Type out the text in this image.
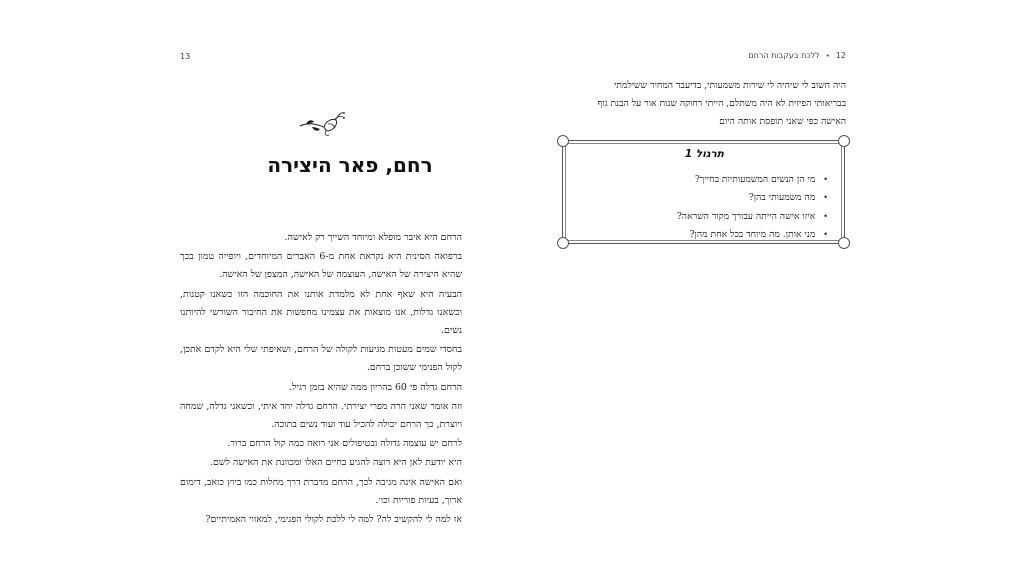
13
רחם, פאר היצירה

הרחם היא איבר מופלא ומיוחד השייך רק לאישה.

ברפואה הסינית היא נקראת אחת מ-6 האברים המיוחדים, ויופייה טמון בכך שהיא היצירה של האישה, העוצמה של האישה, המצפן של האישה.

הבעיה היא שאף אחת לא מלמדת אותנו את החוכמה הזו כשאנו קטנות, וכשאנו גדלות, אנו מוצאות את עצמינו מחפשות את החיבור השורשי להיותנו נשים.

בחסדי שמים מעטות מגיעות לקולה של הרחם, ושאיפתי שלי היא לקדם אתכן, לקול הפנימי ששוכן ברחם.

הרחם גדלה פי 60 בהריון ממה שהיא בזמן רגיל.

וזה אומר שאני הרה מפרי יצירתי. הרחם גדלה יחד איתי, וכשאני גדלה, שמחה ויוצרת, כך הרחם יכולה להכיל עוד ועוד נשים בתוכה.

לרחם יש עוצמה גדולה ובטיפולים אני רואה כמה קול הרחם ברור.

היא יודעת לאן היא רוצה להגיע בחיים האלו ומכוונת את האישה לשם.

ואם האישה אינה מגיבה לכך, הרחם מדברת דרך מחלות כמו ביוץ כואב, דימום ארוך, בעיות פוריות וכו׳.

אז למה לי להקשיב לה? למה לי ללכת לקולי הפנימי, למאווי האמיתיים?

12
•
ללכת בעקבות הרחם

היה חשוב לי שיהיה לי שירות משמעותי, בדיעבד המחיר ששילמתי

בבריאותי הפיזית לא היה משתלם, הייתי רחוקה שנות אור על הבנת גוף

האישה כפי שאני תופסת אותה היום

תרגול 1
•
מי הן הנשים המשמעותיות בחייך?
•
מה משמעותי בהן?
•
איזו אישה הייתה עבורך מקור השראה?
•
מני אותן. מה מיוחד בכל אחת מהן?
